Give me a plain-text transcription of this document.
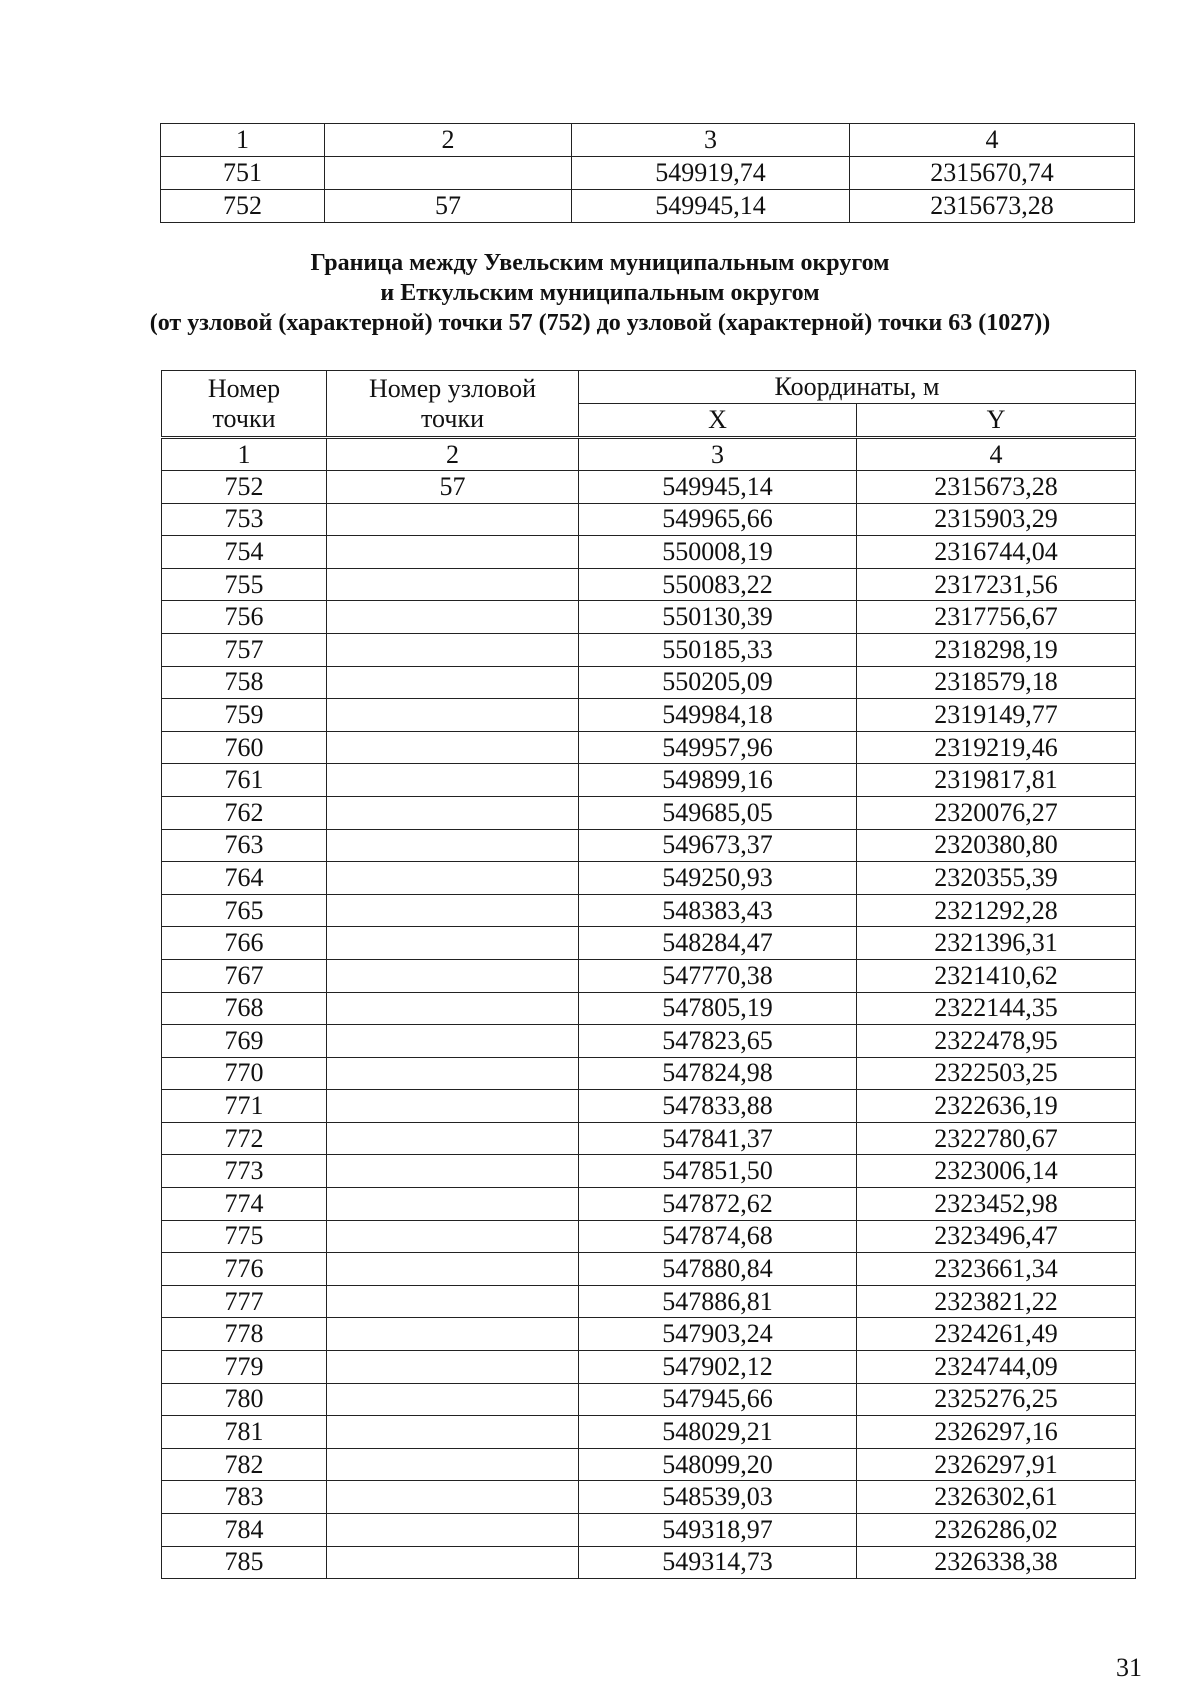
1	2	3	4
751		549919,74	2315670,74
752	57	549945,14	2315673,28
Граница между Увельским муниципальным округом
и Еткульским муниципальным округом
(от узловой (характерной) точки 57 (752) до узловой (характерной) точки 63 (1027))
Номер точки	Номер узловой точки	Координаты, м	
		X	Y
1	2	3	4
752	57	549945,14	2315673,28
753		549965,66	2315903,29
754		550008,19	2316744,04
755		550083,22	2317231,56
756		550130,39	2317756,67
757		550185,33	2318298,19
758		550205,09	2318579,18
759		549984,18	2319149,77
760		549957,96	2319219,46
761		549899,16	2319817,81
762		549685,05	2320076,27
763		549673,37	2320380,80
764		549250,93	2320355,39
765		548383,43	2321292,28
766		548284,47	2321396,31
767		547770,38	2321410,62
768		547805,19	2322144,35
769		547823,65	2322478,95
770		547824,98	2322503,25
771		547833,88	2322636,19
772		547841,37	2322780,67
773		547851,50	2323006,14
774		547872,62	2323452,98
775		547874,68	2323496,47
776		547880,84	2323661,34
777		547886,81	2323821,22
778		547903,24	2324261,49
779		547902,12	2324744,09
780		547945,66	2325276,25
781		548029,21	2326297,16
782		548099,20	2326297,91
783		548539,03	2326302,61
784		549318,97	2326286,02
785		549314,73	2326338,38
31
